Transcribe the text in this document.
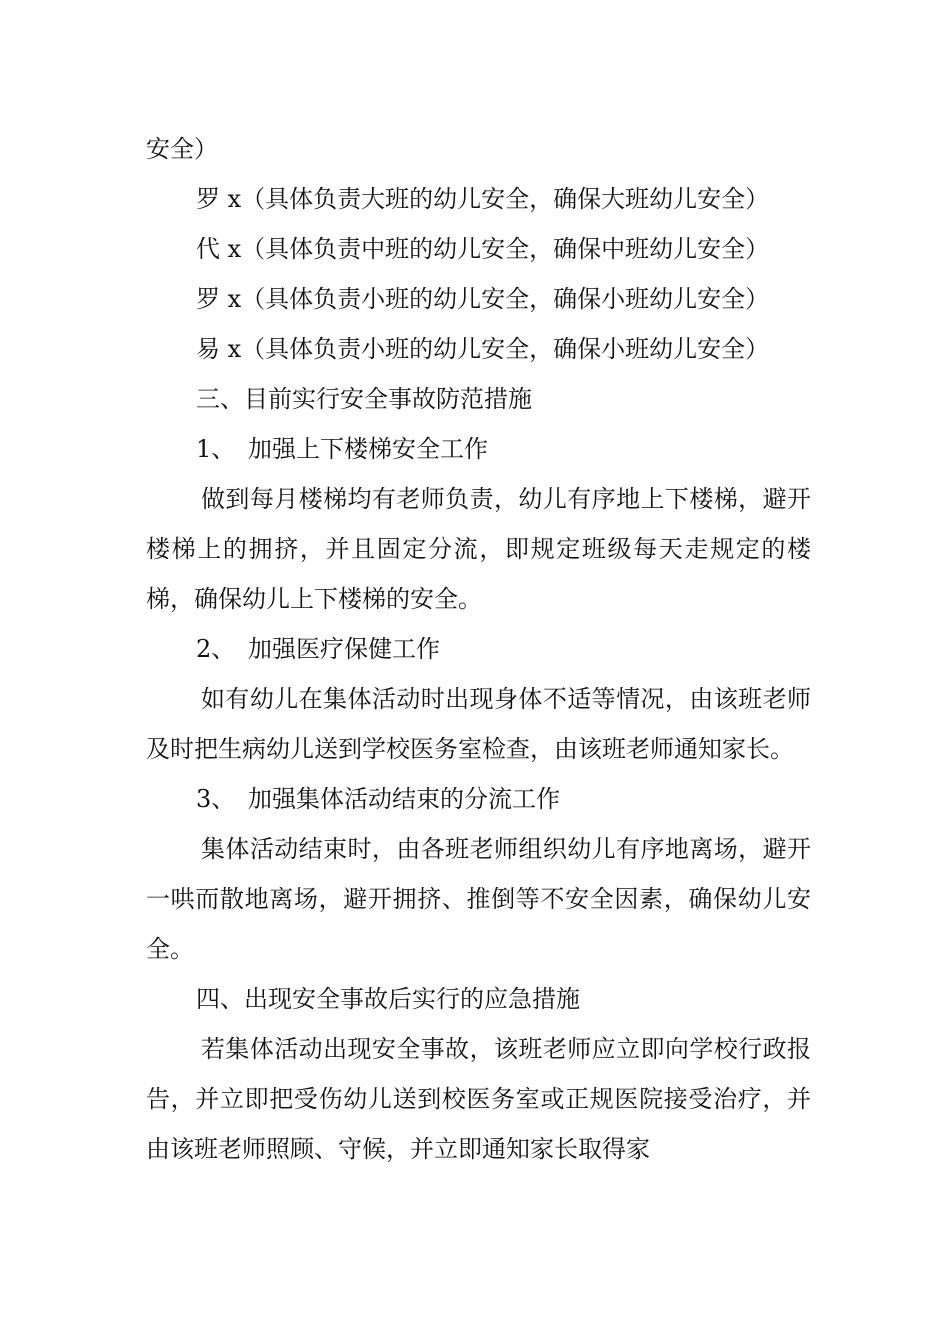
安全）
罗 x（具体负责大班的幼儿安全，确保大班幼儿安全）
代 x（具体负责中班的幼儿安全，确保中班幼儿安全）
罗 x（具体负责小班的幼儿安全，确保小班幼儿安全）
易 x（具体负责小班的幼儿安全，确保小班幼儿安全）
三、目前实行安全事故防范措施
1、 加强上下楼梯安全工作
做到每月楼梯均有老师负责，幼儿有序地上下楼梯，避开楼梯上的拥挤，并且固定分流，即规定班级每天走规定的楼梯，确保幼儿上下楼梯的安全。
2、 加强医疗保健工作
如有幼儿在集体活动时出现身体不适等情况，由该班老师及时把生病幼儿送到学校医务室检查，由该班老师通知家长。
3、 加强集体活动结束的分流工作
集体活动结束时，由各班老师组织幼儿有序地离场，避开一哄而散地离场，避开拥挤、推倒等不安全因素，确保幼儿安全。
四、出现安全事故后实行的应急措施
若集体活动出现安全事故，该班老师应立即向学校行政报告，并立即把受伤幼儿送到校医务室或正规医院接受治疗，并由该班老师照顾、守候，并立即通知家长取得家
